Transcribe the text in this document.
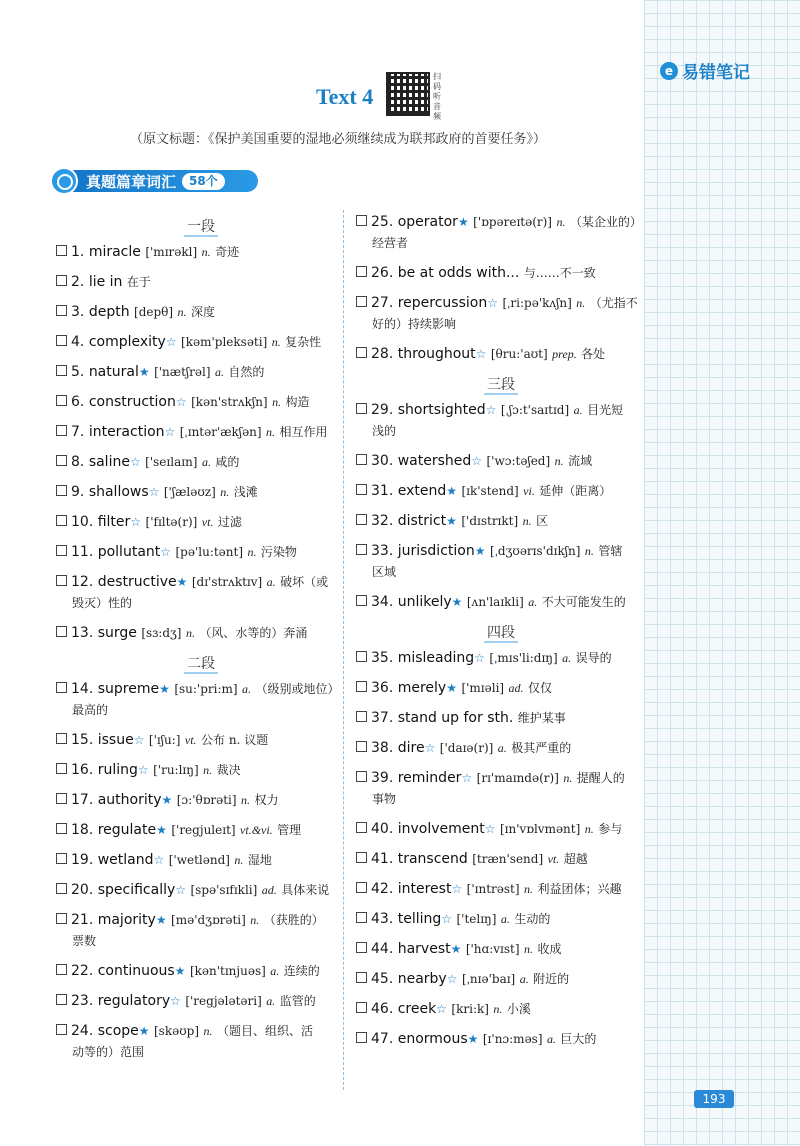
e 易错笔记
Text 4
扫码听音频
（原文标题：《保护美国重要的湿地必须继续成为联邦政府的首要任务》）
真题篇章词汇	58个
一段
1. miracle ['mɪrəkl] n. 奇迹
2. lie in 在于
3. depth [depθ] n. 深度
4. complexity☆ [kəm'pleksəti] n. 复杂性
5. natural★ ['nætʃrəl] a. 自然的
6. construction☆ [kən'strʌkʃn] n. 构造
7. interaction☆ [ˌɪntər'ækʃən] n. 相互作用
8. saline☆ ['seɪlaɪn] a. 咸的
9. shallows☆ ['ʃæləʊz] n. 浅滩
10. filter☆ ['fɪltə(r)] vt. 过滤
11. pollutant☆ [pə'lu:tənt] n. 污染物
12. destructive★ [dɪ'strʌktɪv] a. 破坏（或
毁灭）性的
13. surge [sɜ:dʒ] n. （风、水等的）奔涌
二段
14. supreme★ [su:'pri:m] a. （级别或地位）
最高的
15. issue☆ ['ɪʃu:] vt. 公布 n. 议题
16. ruling☆ ['ru:lɪŋ] n. 裁决
17. authority★ [ɔ:'θɒrəti] n. 权力
18. regulate★ ['regjuleɪt] vt.&vi. 管理
19. wetland☆ ['wetlənd] n. 湿地
20. specifically☆ [spə'sɪfɪkli] ad. 具体来说
21. majority★ [mə'dʒɒrəti] n. （获胜的）
票数
22. continuous★ [kən'tɪnjuəs] a. 连续的
23. regulatory☆ ['regjələtəri] a. 监管的
24. scope★ [skəʊp] n. （题目、组织、活
动等的）范围
25. operator★ ['ɒpəreɪtə(r)] n. （某企业的）
经营者
26. be at odds with... 与……不一致
27. repercussion☆ [ˌri:pə'kʌʃn] n. （尤指不
好的）持续影响
28. throughout☆ [θru:'aʊt] prep. 各处
三段
29. shortsighted☆ [ˌʃɔ:t'saɪtɪd] a. 目光短
浅的
30. watershed☆ ['wɔ:təʃed] n. 流域
31. extend★ [ɪk'stend] vi. 延伸（距离）
32. district★ ['dɪstrɪkt] n. 区
33. jurisdiction★ [ˌdʒʊərɪs'dɪkʃn] n. 管辖
区域
34. unlikely★ [ʌn'laɪkli] a. 不大可能发生的
四段
35. misleading☆ [ˌmɪs'li:dɪŋ] a. 误导的
36. merely★ ['mɪəli] ad. 仅仅
37. stand up for sth. 维护某事
38. dire☆ ['daɪə(r)] a. 极其严重的
39. reminder☆ [rɪ'maɪndə(r)] n. 提醒人的
事物
40. involvement☆ [ɪn'vɒlvmənt] n. 参与
41. transcend [træn'send] vt. 超越
42. interest☆ ['ɪntrəst] n. 利益团体；兴趣
43. telling☆ ['telɪŋ] a. 生动的
44. harvest★ ['hɑ:vɪst] n. 收成
45. nearby☆ [ˌnɪə'baɪ] a. 附近的
46. creek☆ [kri:k] n. 小溪
47. enormous★ [ɪ'nɔ:məs] a. 巨大的
193
